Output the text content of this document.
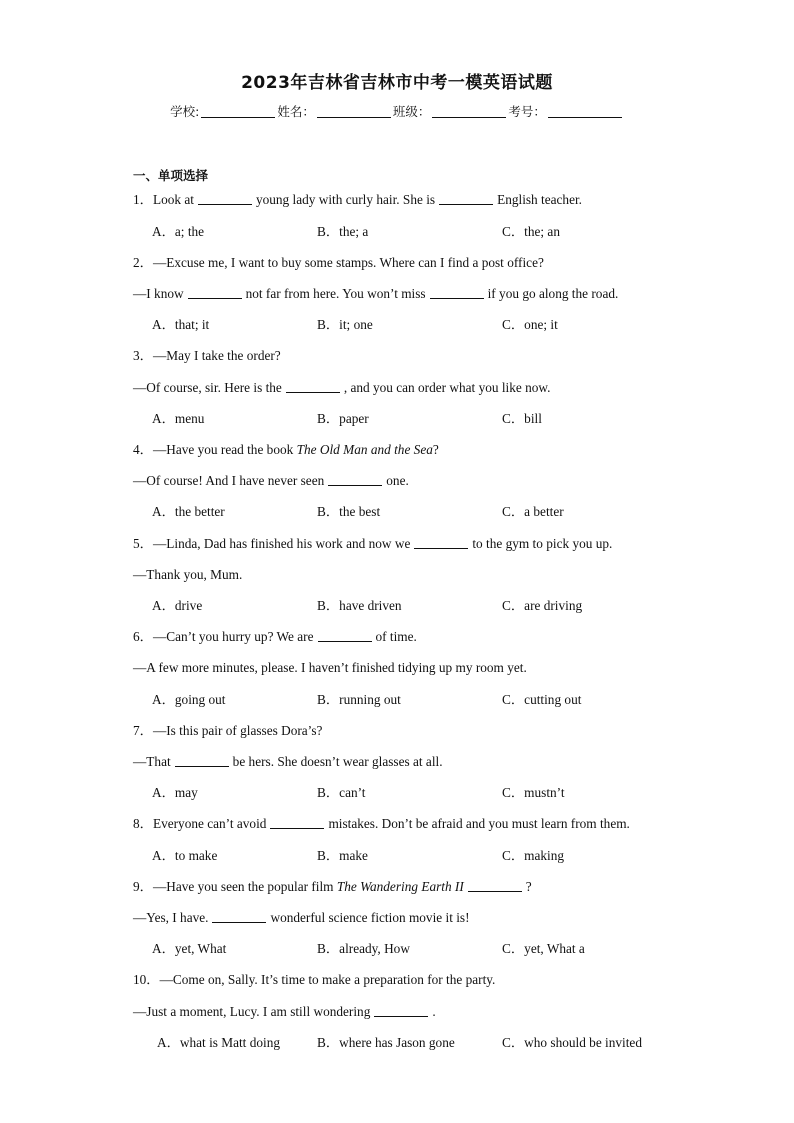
2023年吉林省吉林市中考一模英语试题
学校:	姓名：	班级：	考号：
一、单项选择
1．Look at	young lady with curly hair. She is	English teacher.
A．a; the	B．the; a	C．the; an
2．—Excuse me, I want to buy some stamps. Where can I find a post office?
—I know	not far from here. You won’t miss	if you go along the road.
A．that; it	B．it; one	C．one; it
3．—May I take the order?
—Of course, sir. Here is the	, and you can order what you like now.
A．menu	B．paper	C．bill
4．—Have you read the book The Old Man and the Sea?
—Of course! And I have never seen	one.
A．the better	B．the best	C．a better
5．—Linda, Dad has finished his work and now we	to the gym to pick you up.
—Thank you, Mum.
A．drive	B．have driven	C．are driving
6．—Can’t you hurry up? We are	of time.
—A few more minutes, please. I haven’t finished tidying up my room yet.
A．going out	B．running out	C．cutting out
7．—Is this pair of glasses Dora’s?
—That	be hers. She doesn’t wear glasses at all.
A．may	B．can’t	C．mustn’t
8．Everyone can’t avoid	mistakes. Don’t be afraid and you must learn from them.
A．to make	B．make	C．making
9．—Have you seen the popular film The Wandering Earth II	?
—Yes, I have.	wonderful science fiction movie it is!
A．yet, What	B．already, How	C．yet, What a
10．—Come on, Sally. It’s time to make a preparation for the party.
—Just a moment, Lucy. I am still wondering	.
A．what is Matt doing	B．where has Jason gone	C．who should be invited
